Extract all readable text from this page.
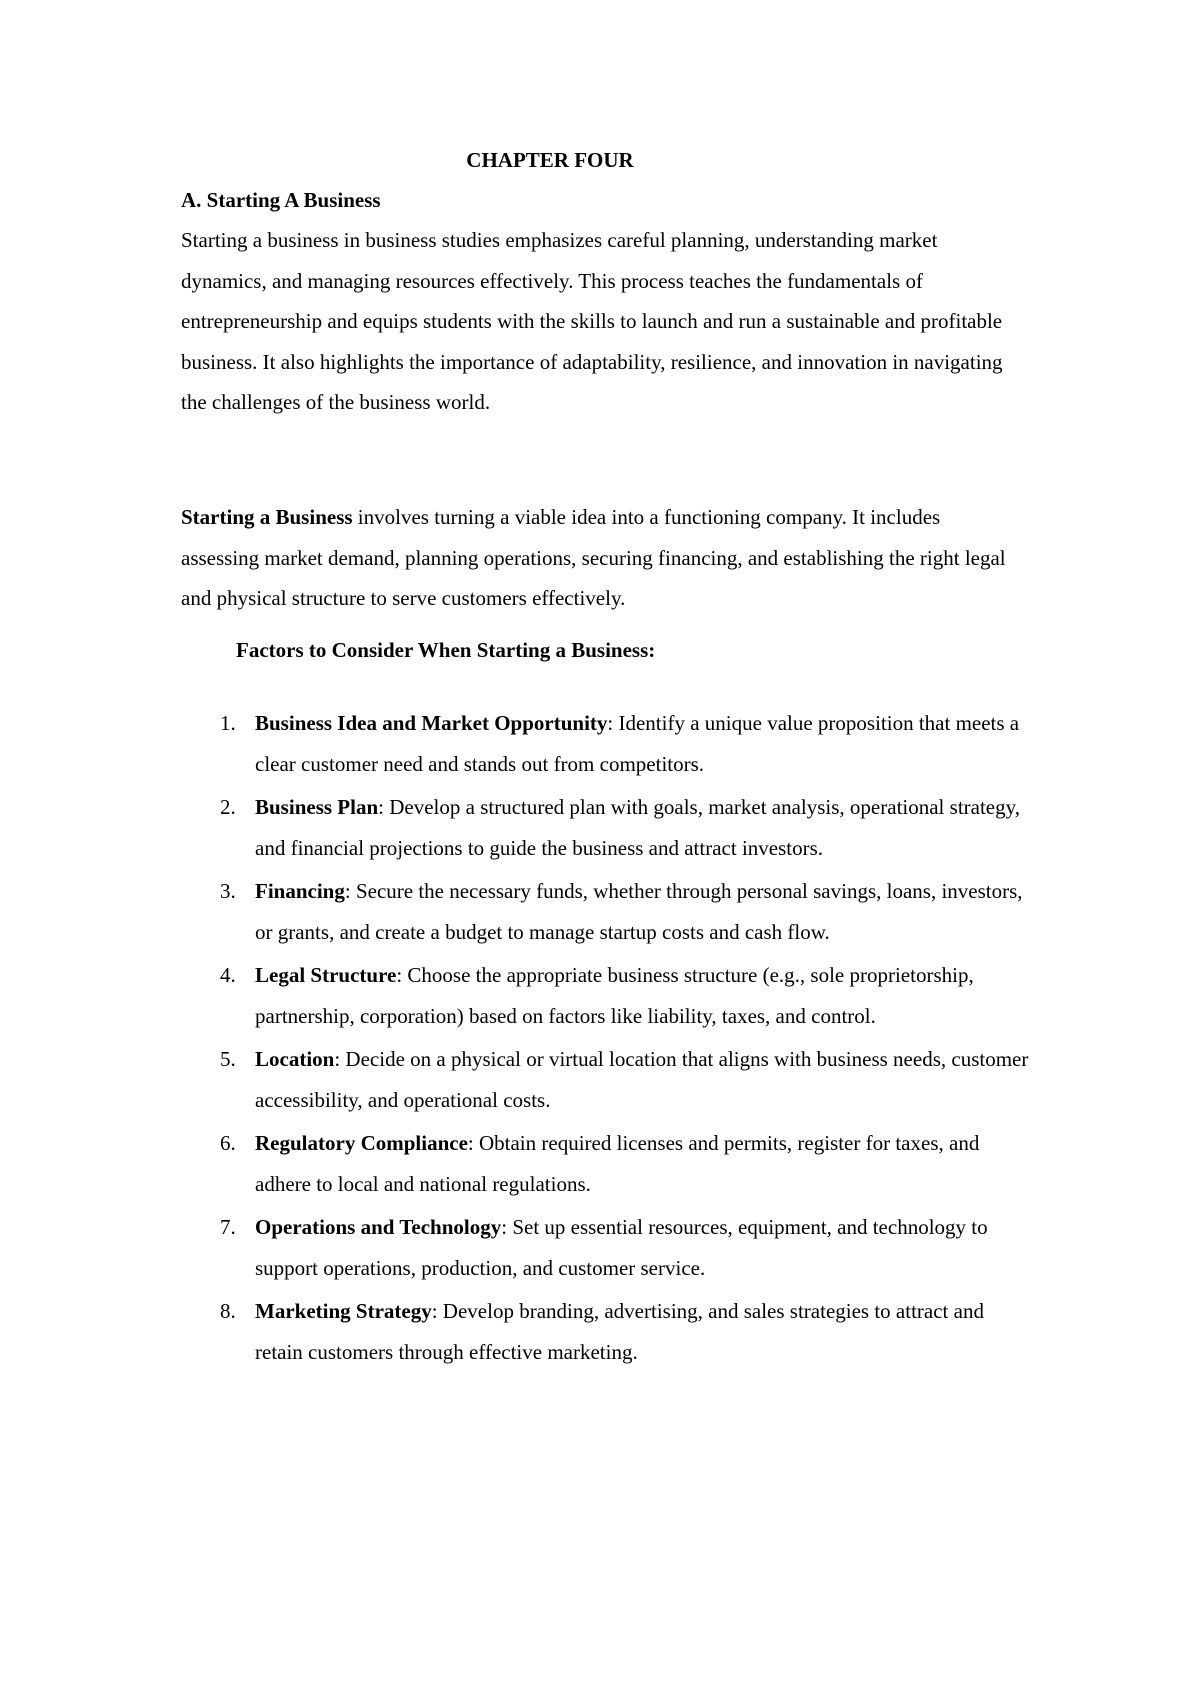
CHAPTER FOUR
A. Starting A Business

Starting a business in business studies emphasizes careful planning, understanding market dynamics, and managing resources effectively. This process teaches the fundamentals of entrepreneurship and equips students with the skills to launch and run a sustainable and profitable business. It also highlights the importance of adaptability, resilience, and innovation in navigating the challenges of the business world.

Starting a Business involves turning a viable idea into a functioning company. It includes assessing market demand, planning operations, securing financing, and establishing the right legal and physical structure to serve customers effectively.

Factors to Consider When Starting a Business:
1. Business Idea and Market Opportunity: Identify a unique value proposition that meets a clear customer need and stands out from competitors.
2. Business Plan: Develop a structured plan with goals, market analysis, operational strategy, and financial projections to guide the business and attract investors.
3. Financing: Secure the necessary funds, whether through personal savings, loans, investors, or grants, and create a budget to manage startup costs and cash flow.
4. Legal Structure: Choose the appropriate business structure (e.g., sole proprietorship, partnership, corporation) based on factors like liability, taxes, and control.
5. Location: Decide on a physical or virtual location that aligns with business needs, customer accessibility, and operational costs.
6. Regulatory Compliance: Obtain required licenses and permits, register for taxes, and adhere to local and national regulations.
7. Operations and Technology: Set up essential resources, equipment, and technology to support operations, production, and customer service.
8. Marketing Strategy: Develop branding, advertising, and sales strategies to attract and retain customers through effective marketing.
